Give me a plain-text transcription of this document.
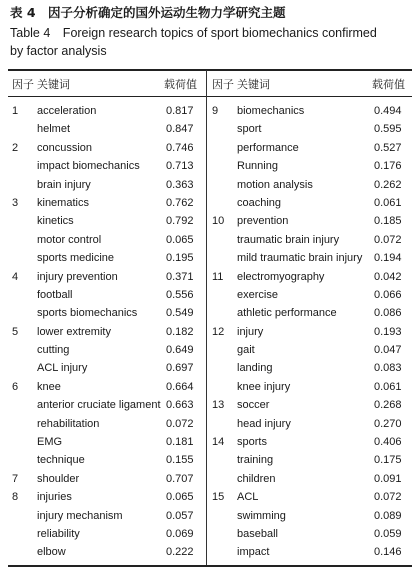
表 4　因子分析确定的国外运动生物力学研究主题
Table 4　Foreign research topics of sport biomechanics confirmed
by factor analysis
因子 关键词	载荷值 因子 关键词	载荷值
1 acceleration	0.817
helmet	0.847
2 concussion	0.746
impact biomechanics 0.713
brain injury	0.363
3 kinematics	0.762
kinetics	0.792
motor control	0.065
sports medicine	0.195
4 injury prevention	0.371
football	0.556
sports biomechanics	0.549
5 lower extremity	0.182
cutting	0.649
ACL injury	0.697
6 knee	0.664
anterior cruciate ligament 0.663
rehabilitation	0.072
EMG	0.181
technique	0.155
7 shoulder	0.707
8 injuries	0.065
injury mechanism	0.057
reliability	0.069
elbow	0.222
9 biomechanics	0.494
sport	0.595
performance	0.527
Running	0.176
motion analysis	0.262
coaching	0.061
10 prevention	0.185
traumatic brain injury	0.072
mild traumatic brain injury 0.194
11 electromyography	0.042
exercise	0.066
athletic performance	0.086
12 injury	0.193
gait	0.047
landing	0.083
knee injury	0.061
13 soccer	0.268
head injury	0.270
14 sports	0.406
training	0.175
children	0.091
15 ACL	0.072
swimming	0.089
baseball	0.059
impact	0.146
